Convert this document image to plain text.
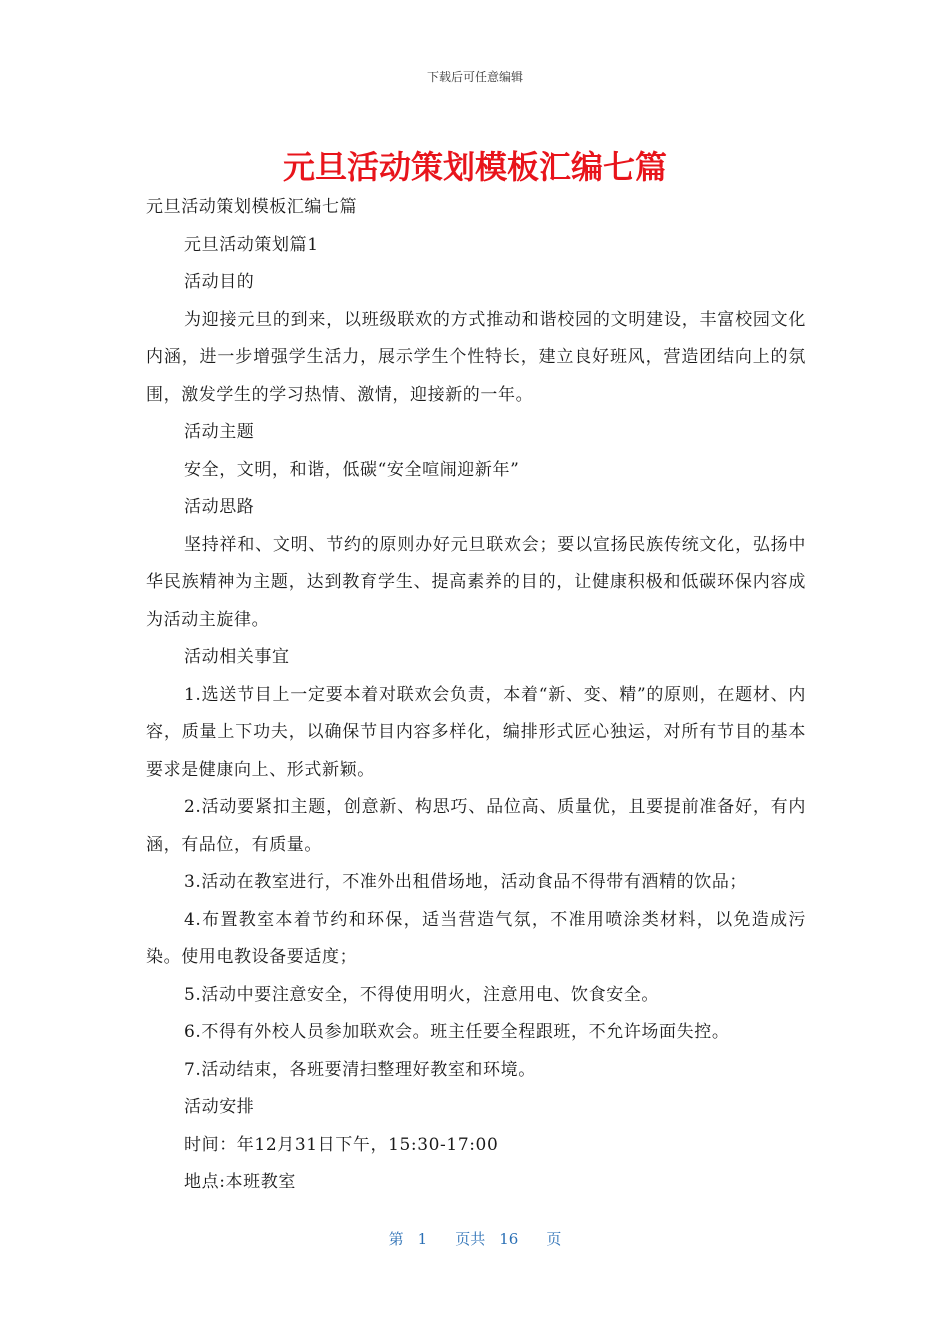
下载后可任意编辑
元旦活动策划模板汇编七篇

元旦活动策划模板汇编七篇

元旦活动策划篇1

活动目的

为迎接元旦的到来，以班级联欢的方式推动和谐校园的文明建设，丰富校园文化内涵，进一步增强学生活力，展示学生个性特长，建立良好班风，营造团结向上的氛围，激发学生的学习热情、激情，迎接新的一年。

活动主题

安全，文明，和谐，低碳“安全喧闹迎新年”

活动思路

坚持祥和、文明、节约的原则办好元旦联欢会；要以宣扬民族传统文化，弘扬中华民族精神为主题，达到教育学生、提高素养的目的，让健康积极和低碳环保内容成为活动主旋律。

活动相关事宜

1.选送节目上一定要本着对联欢会负责，本着“新、变、精”的原则，在题材、内容，质量上下功夫，以确保节目内容多样化，编排形式匠心独运，对所有节目的基本要求是健康向上、形式新颖。

2.活动要紧扣主题，创意新、构思巧、品位高、质量优，且要提前准备好，有内涵，有品位，有质量。

3.活动在教室进行，不准外出租借场地，活动食品不得带有酒精的饮品；

4.布置教室本着节约和环保，适当营造气氛，不准用喷涂类材料，以免造成污染。使用电教设备要适度；

5.活动中要注意安全，不得使用明火，注意用电、饮食安全。

6.不得有外校人员参加联欢会。班主任要全程跟班，不允许场面失控。

7.活动结束，各班要清扫整理好教室和环境。

活动安排

时间：年12月31日下午，15:30-17:00

地点:本班教室

第 1 页共 16 页
